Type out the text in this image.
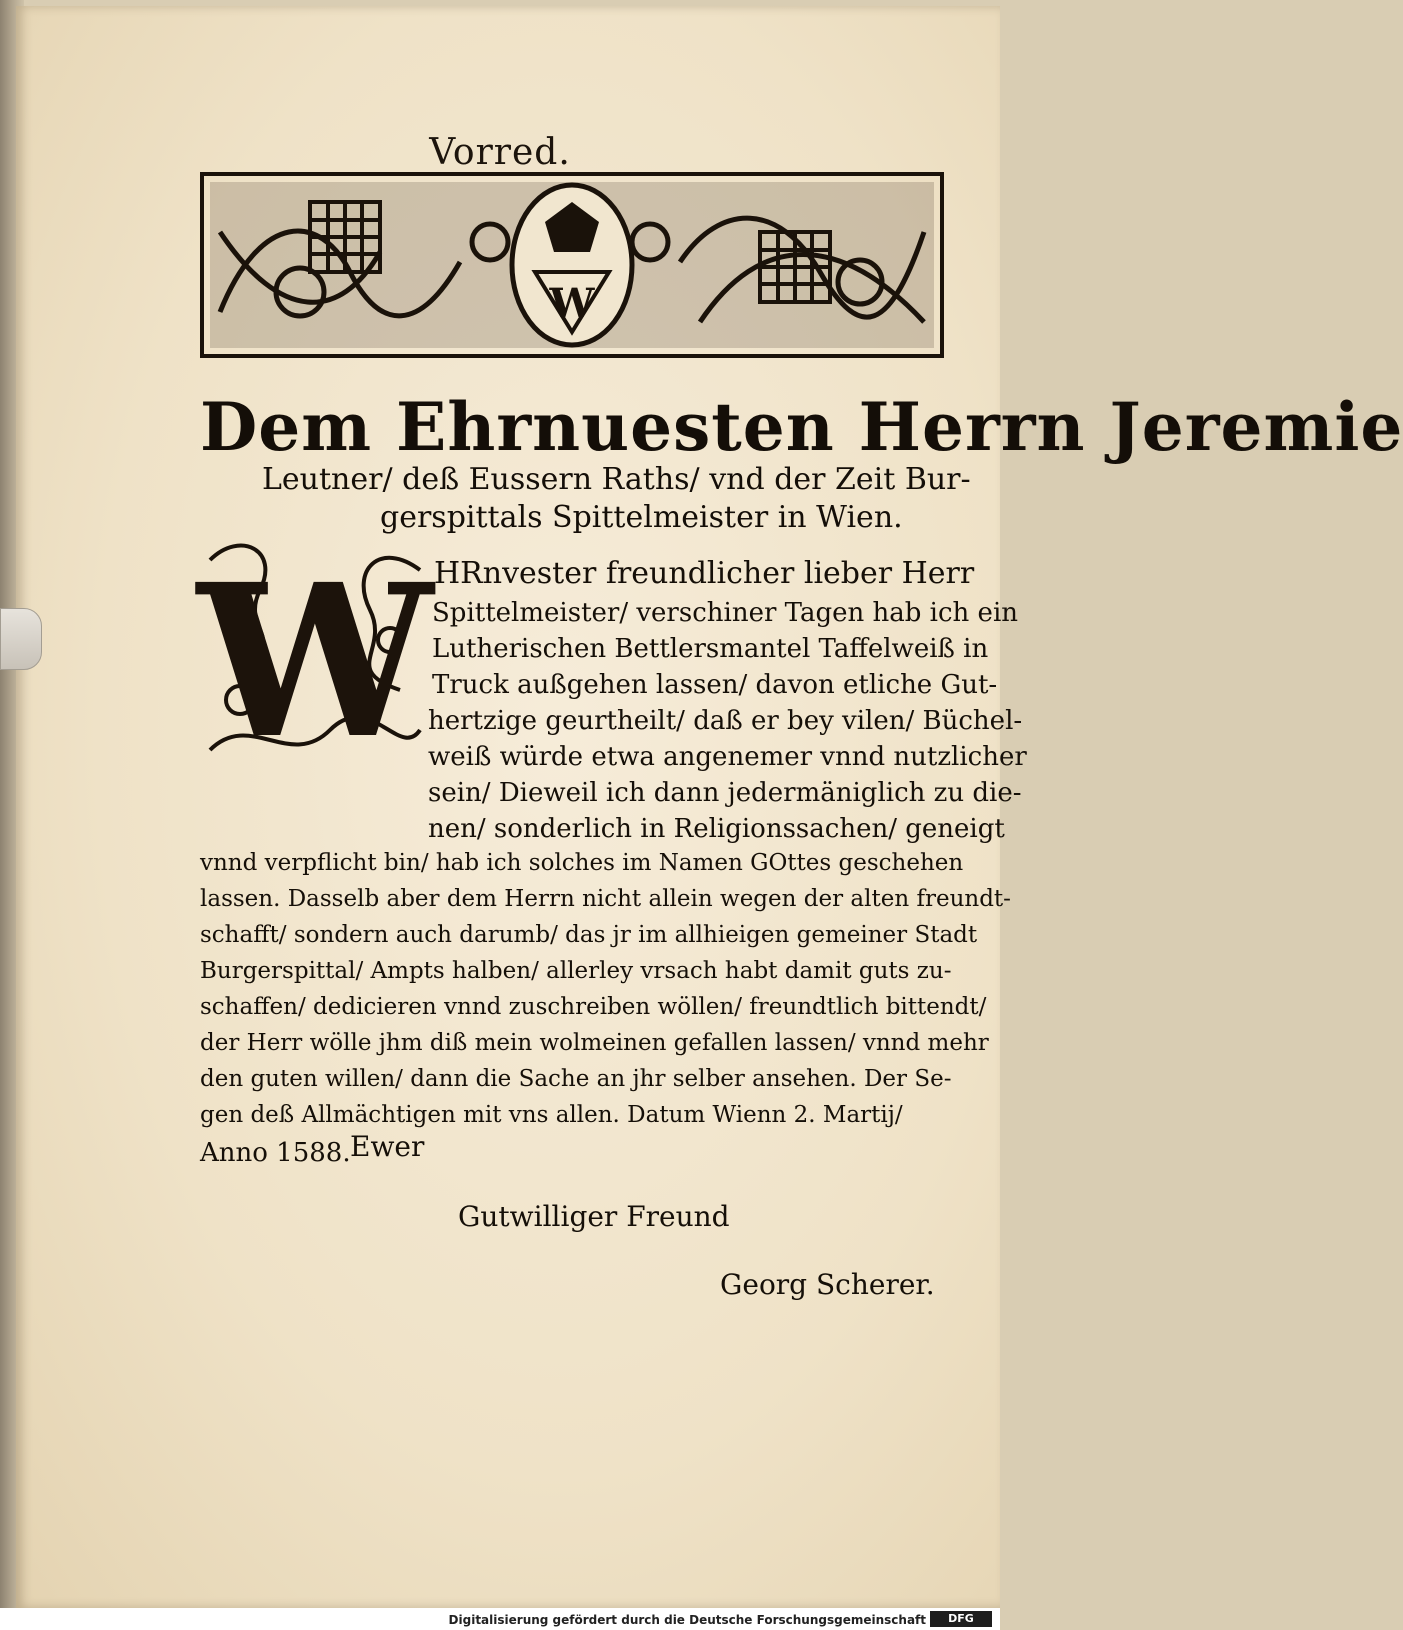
Vorred.
W
Dem Ehrnuesten Herrn Jeremie
Leutner/ deß Eussern Raths/ vnd der Zeit Bur-
gerspittals Spittelmeister in Wien.
W HRnvester freundlicher lieber Herr
Spittelmeister/ verschiner Tagen hab ich ein
Lutherischen Bettlersmantel Taffelweiß in
Truck außgehen lassen/ davon etliche Gut-
hertzige geurtheilt/ daß er bey vilen/ Büchel-
weiß würde etwa angenemer vnnd nutzlicher
sein/ Dieweil ich dann jedermäniglich zu die-
nen/ sonderlich in Religionssachen/ geneigt
vnnd verpflicht bin/ hab ich solches im Namen GOttes geschehen
lassen. Dasselb aber dem Herrn nicht allein wegen der alten freundt-
schafft/ sondern auch darumb/ das jr im allhieigen gemeiner Stadt
Burgerspittal/ Ampts halben/ allerley vrsach habt damit guts zu-
schaffen/ dedicieren vnnd zuschreiben wöllen/ freundtlich bittendt/
der Herr wölle jhm diß mein wolmeinen gefallen lassen/ vnnd mehr
den guten willen/ dann die Sache an jhr selber ansehen. Der Se-
gen deß Allmächtigen mit vns allen. Datum Wienn 2. Martij/
Anno 1588. Ewer
Gutwilliger Freund
Georg Scherer.
Digitalisierung gefördert durch die Deutsche Forschungsgemeinschaft	DFG
